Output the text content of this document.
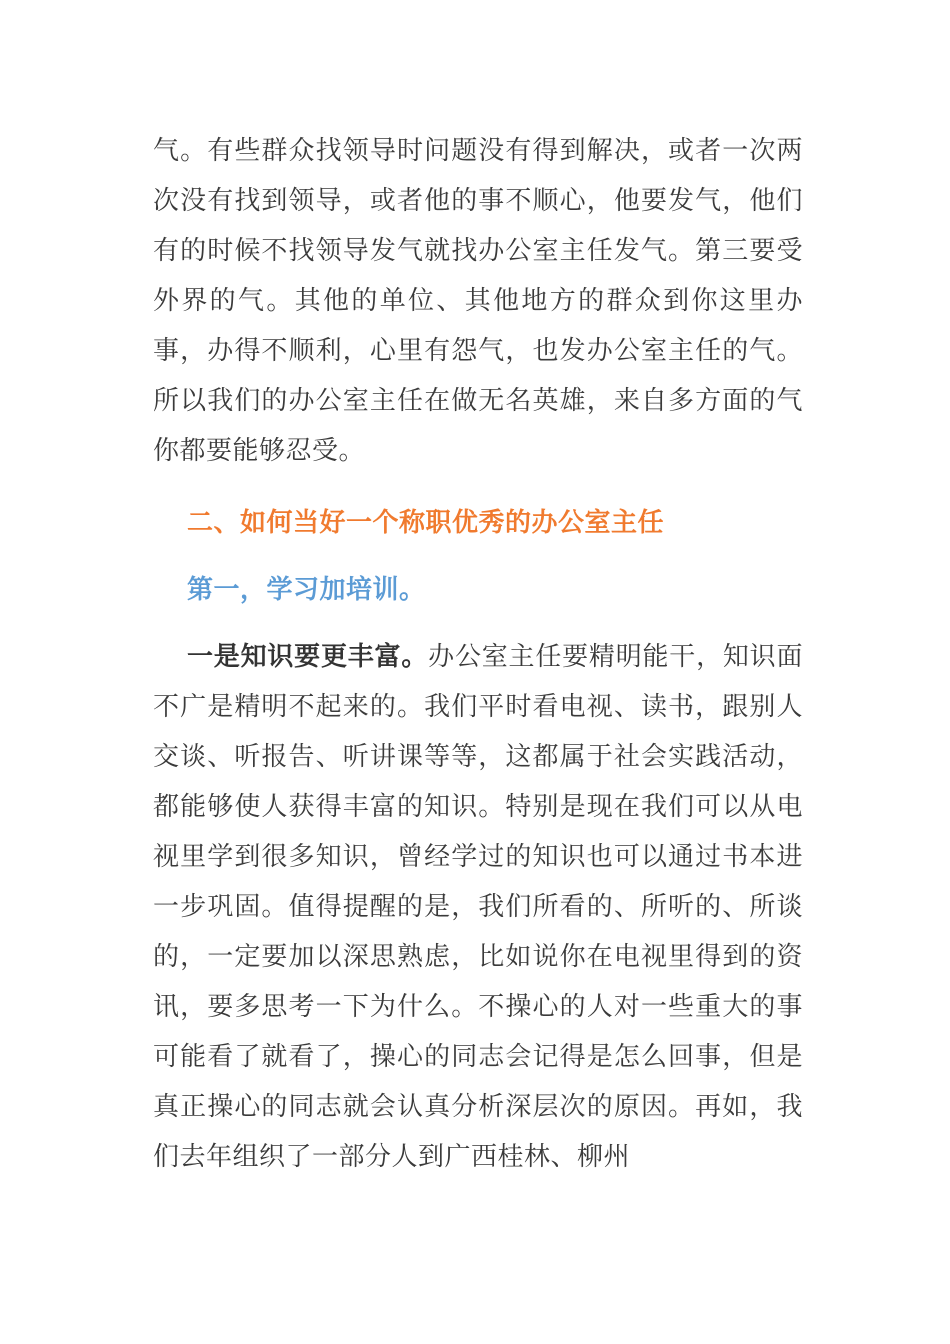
气。有些群众找领导时问题没有得到解决，或者一次两次没有找到领导，或者他的事不顺心，他要发气，他们有的时候不找领导发气就找办公室主任发气。第三要受外界的气。其他的单位、其他地方的群众到你这里办事，办得不顺利，心里有怨气，也发办公室主任的气。所以我们的办公室主任在做无名英雄，来自多方面的气你都要能够忍受。

二、如何当好一个称职优秀的办公室主任
第一，学习加培训。

一是知识要更丰富。办公室主任要精明能干，知识面不广是精明不起来的。我们平时看电视、读书，跟别人交谈、听报告、听讲课等等，这都属于社会实践活动，都能够使人获得丰富的知识。特别是现在我们可以从电视里学到很多知识，曾经学过的知识也可以通过书本进一步巩固。值得提醒的是，我们所看的、所听的、所谈的，一定要加以深思熟虑，比如说你在电视里得到的资讯，要多思考一下为什么。不操心的人对一些重大的事可能看了就看了，操心的同志会记得是怎么回事，但是真正操心的同志就会认真分析深层次的原因。再如，我们去年组织了一部分人到广西桂林、柳州
